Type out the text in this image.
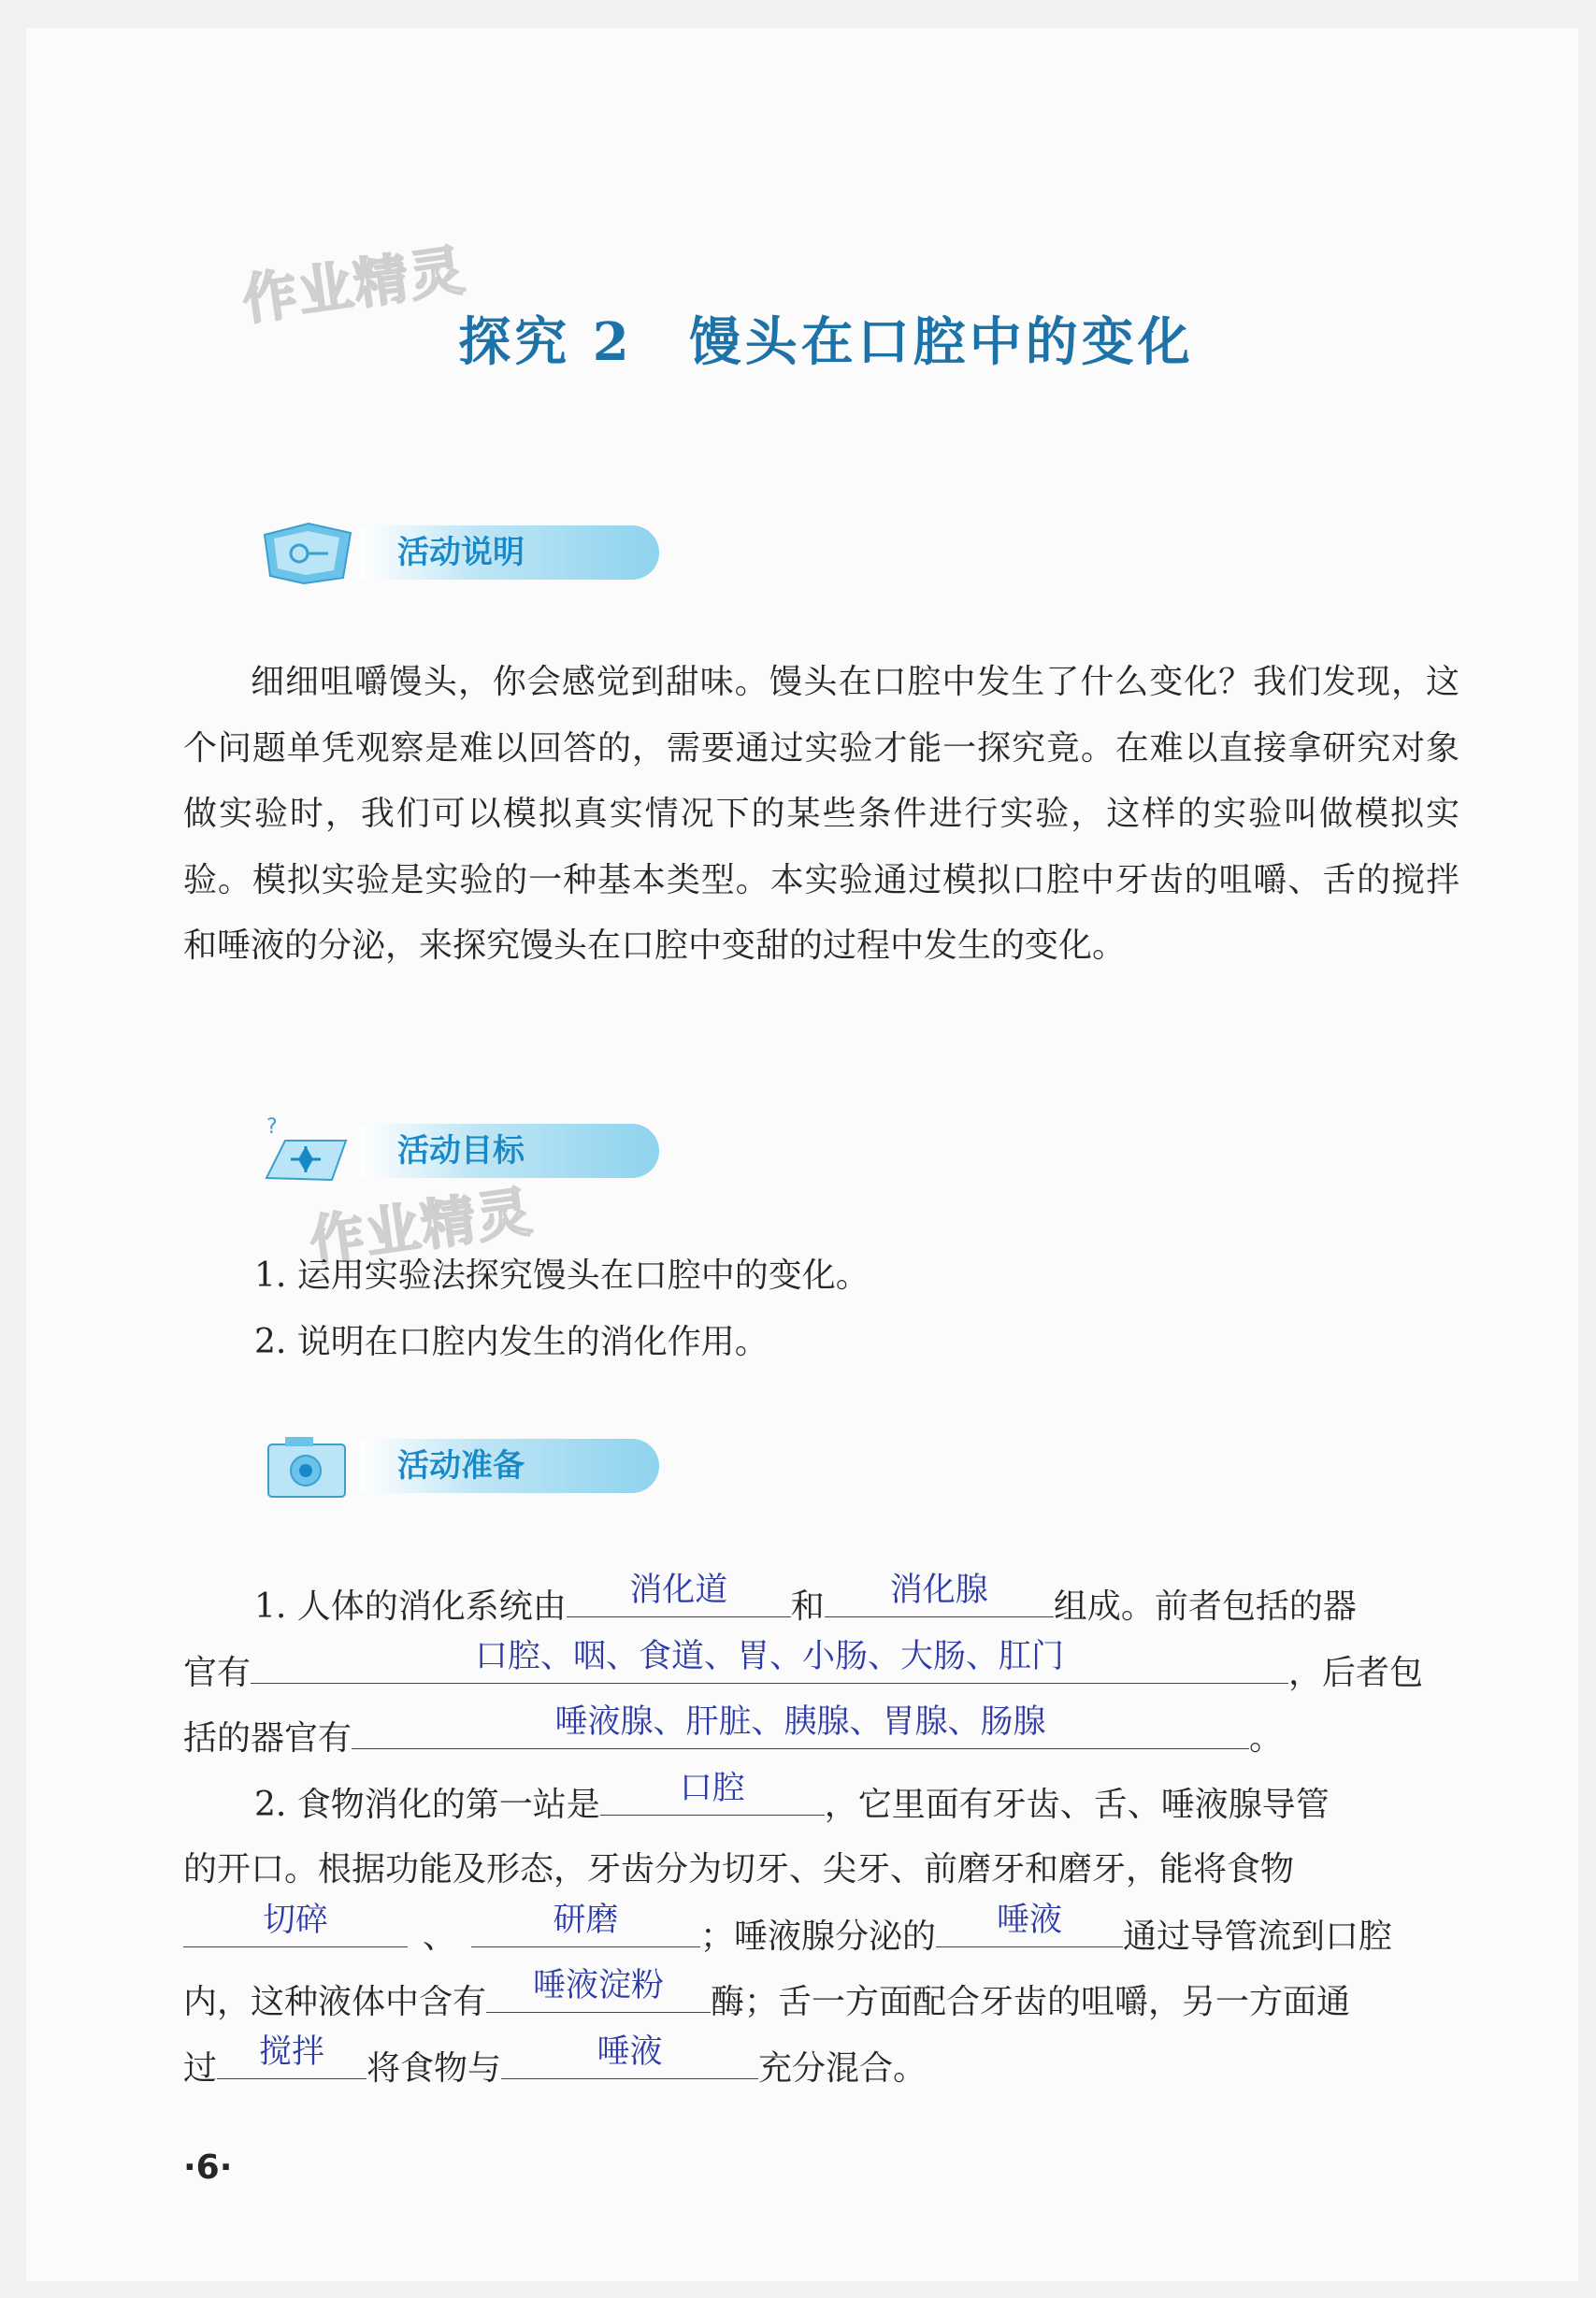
作业精灵
作业精灵
探究 2　馒头在口腔中的变化
活动说明

细细咀嚼馒头，你会感觉到甜味。馒头在口腔中发生了什么变化？我们发现，这个问题单凭观察是难以回答的，需要通过实验才能一探究竟。在难以直接拿研究对象做实验时，我们可以模拟真实情况下的某些条件进行实验，这样的实验叫做模拟实验。模拟实验是实验的一种基本类型。本实验通过模拟口腔中牙齿的咀嚼、舌的搅拌和唾液的分泌，来探究馒头在口腔中变甜的过程中发生的变化。

?
活动目标
1. 运用实验法探究馒头在口腔中的变化。
2. 说明在口腔内发生的消化作用。
活动准备
1. 人体的消化系统由	消化道	和	消化腺	组成。前者包括的器
官有	口腔、咽、食道、胃、小肠、大肠、肛门	，后者包
括的器官有	唾液腺、肝脏、胰腺、胃腺、肠腺	。
2. 食物消化的第一站是	口腔	，它里面有牙齿、舌、唾液腺导管
的开口。根据功能及形态，牙齿分为切牙、尖牙、前磨牙和磨牙，能将食物
切碎	、	研磨	；唾液腺分泌的	唾液	通过导管流到口腔
内，这种液体中含有	唾液淀粉	酶；舌一方面配合牙齿的咀嚼，另一方面通
过	搅拌	将食物与	唾液	充分混合。
·6·
